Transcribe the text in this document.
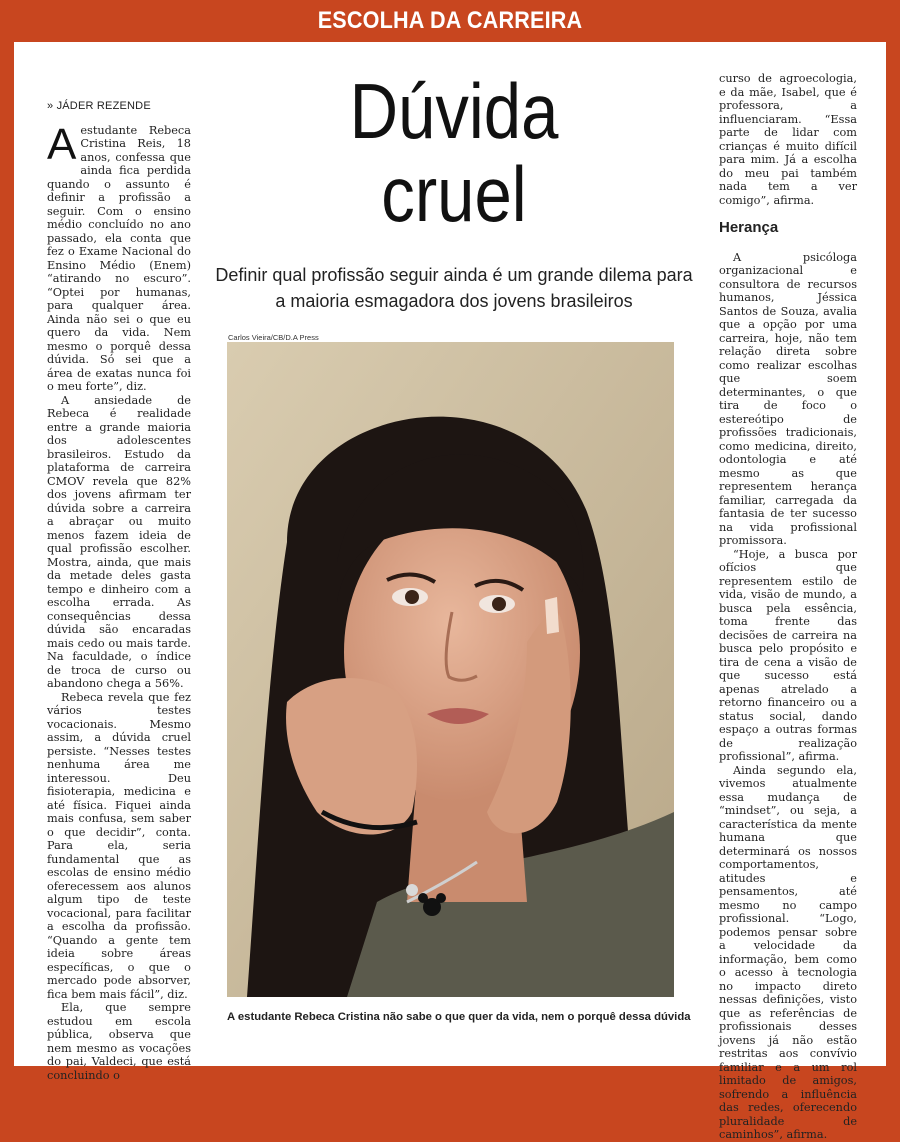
ESCOLHA DA CARREIRA
» JÁDER REZENDE

Aestudante Rebeca Cristina Reis, 18 anos, confessa que ainda fica perdida quando o assunto é definir a profissão a seguir. Com o ensino médio concluído no ano passado, ela conta que fez o Exame Nacional do Ensino Médio (Enem) “atirando no escuro”. “Optei por humanas, para qualquer área. Ainda não sei o que eu quero da vida. Nem mesmo o porquê dessa dúvida. Só sei que a área de exatas nunca foi o meu forte”, diz.

A ansiedade de Rebeca é realidade entre a grande maioria dos adolescentes brasileiros. Estudo da plataforma de carreira CMOV revela que 82% dos jovens afirmam ter dúvida sobre a carreira a abraçar ou muito menos fazem ideia de qual profissão escolher. Mostra, ainda, que mais da metade deles gasta tempo e dinheiro com a escolha errada. As consequências dessa dúvida são encaradas mais cedo ou mais tarde. Na faculdade, o índice de troca de curso ou abandono chega a 56%.

Rebeca revela que fez vários testes vocacionais. Mesmo assim, a dúvida cruel persiste. “Nesses testes nenhuma área me interessou. Deu fisioterapia, medicina e até física. Fiquei ainda mais confusa, sem saber o que decidir”, conta. Para ela, seria fundamental que as escolas de ensino médio oferecessem aos alunos algum tipo de teste vocacional, para facilitar a escolha da profissão. “Quando a gente tem ideia sobre áreas específicas, o que o mercado pode absorver, fica bem mais fácil”, diz.

Ela, que sempre estudou em escola pública, observa que nem mesmo as vocações do pai, Valdeci, que está concluindo o

Dúvida
cruel
Definir qual profissão seguir ainda é um grande dilema para a maioria esmagadora dos jovens brasileiros
Carlos Vieira/CB/D.A Press
A estudante Rebeca Cristina não sabe o que quer da vida, nem o porquê dessa dúvida

curso de agroecologia, e da mãe, Isabel, que é professora, a influenciaram. “Essa parte de lidar com crianças é muito difícil para mim. Já a escolha do meu pai também nada tem a ver comigo”, afirma.

Herança

A psicóloga organizacional e consultora de recursos humanos, Jéssica Santos de Souza, avalia que a opção por uma carreira, hoje, não tem relação direta sobre como realizar escolhas que soem determinantes, o que tira de foco o estereótipo de profissões tradicionais, como medicina, direito, odontologia e até mesmo as que representem herança familiar, carregada da fantasia de ter sucesso na vida profissional promissora.

“Hoje, a busca por ofícios que representem estilo de vida, visão de mundo, a busca pela essência, toma frente das decisões de carreira na busca pelo propósito e tira de cena a visão de que sucesso está apenas atrelado a retorno financeiro ou a status social, dando espaço a outras formas de realização profissional”, afirma.

Ainda segundo ela, vivemos atualmente essa mudança de “mindset”, ou seja, a característica da mente humana que determinará os nossos comportamentos, atitudes e pensamentos, até mesmo no campo profissional. “Logo, podemos pensar sobre a velocidade da informação, bem como o acesso à tecnologia no impacto direto nessas definições, visto que as referências de profissionais desses jovens já não estão restritas aos convívio familiar e a um rol limitado de amigos, sofrendo a influência das redes, oferecendo pluralidade de caminhos”, afirma.
